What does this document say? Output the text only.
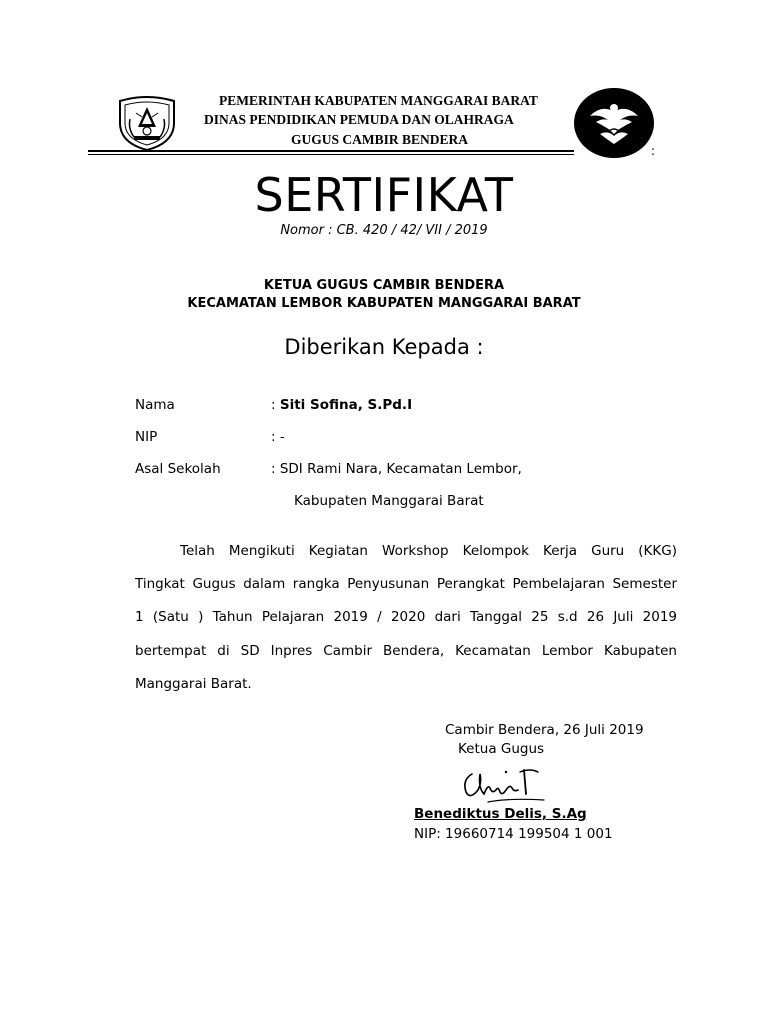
PEMERINTAH KABUPATEN MANGGARAI BARAT
DINAS PENDIDIKAN PEMUDA DAN OLAHRAGA
GUGUS CAMBIR BENDERA
:
SERTIFIKAT
Nomor : CB. 420 / 42/ VII / 2019
KETUA GUGUS CAMBIR BENDERA
KECAMATAN LEMBOR KABUPATEN MANGGARAI BARAT
Diberikan Kepada :
Nama	: Siti Sofina, S.Pd.I
NIP	: -
Asal Sekolah	: SDI Rami Nara, Kecamatan Lembor,
Kabupaten Manggarai Barat
Telah Mengikuti Kegiatan Workshop Kelompok Kerja Guru (KKG)
Tingkat Gugus dalam rangka Penyusunan Perangkat Pembelajaran Semester
1 (Satu ) Tahun Pelajaran 2019 / 2020 dari Tanggal 25 s.d 26 Juli 2019
bertempat di SD Inpres Cambir Bendera, Kecamatan Lembor Kabupaten
Manggarai Barat.
Cambir Bendera, 26 Juli 2019
Ketua Gugus
Benediktus Delis, S.Ag
NIP: 19660714 199504 1 001
